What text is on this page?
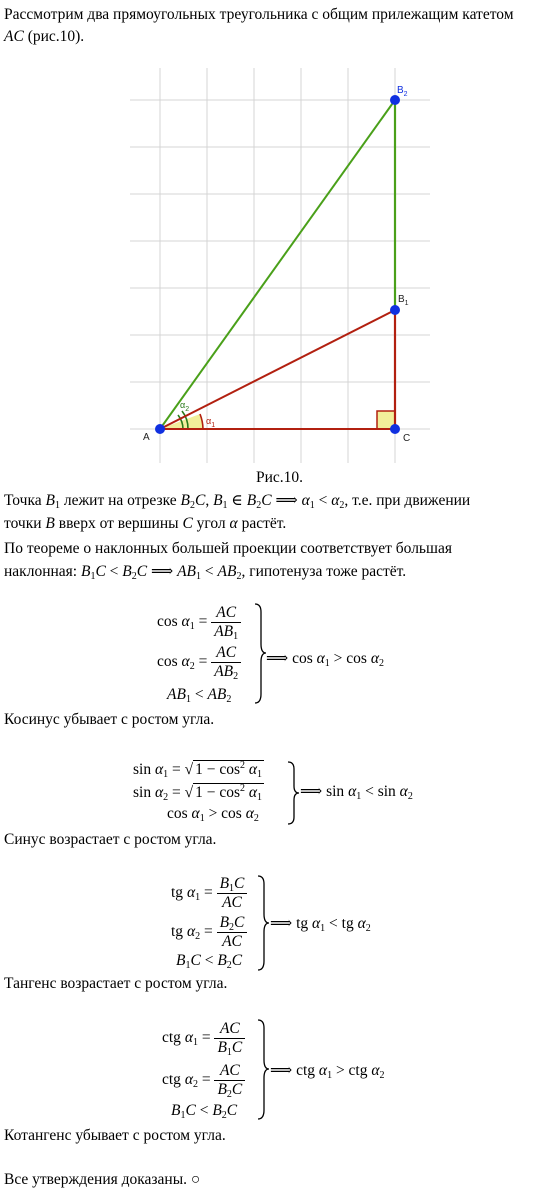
Рассмотрим два прямоугольных треугольника с общим прилежащим катетом
AC (рис.10).
A	C
$B_1$
$B_2$
$\alpha_1$
$\alpha_2$
Рис.10.
Точка $B_1$ лежит на отрезке $B_2C$, $B_1$ ∈ $B_2C$ ⟹ $\alpha_1 < \alpha_2$, т.е. при движении
точки B вверх от вершины C угол α растёт.
По теореме о наклонных большей проекции соответствует большая
наклонная: $B_1C < B_2C$ ⟹ $AB_1 < AB_2$, гипотенуза тоже растёт.
$\cos \alpha_1 = \frac{AC}{AB_1}$
$\cos \alpha_2 = \frac{AC}{AB_2}$
$AB_1 < AB_2$
⟹ $\cos \alpha_1 > \cos \alpha_2$
Косинус убывает с ростом угла.
$\sin \alpha_1$ = √ $1 - \cos^2 \alpha_1$
$\sin \alpha_2$ = √ $1 - \cos^2 \alpha_1$
$\cos \alpha_1 > \cos \alpha_2$
⟹ $\sin \alpha_1 < \sin \alpha_2$
Синус возрастает с ростом угла.
tg $\alpha_1 = \frac{B_1C}{AC}$
tg $\alpha_2 = \frac{B_2C}{AC}$
$B_1C < B_2C$
⟹ tg $\alpha_1$ < tg $\alpha_2$
Тангенс возрастает с ростом угла.
ctg $\alpha_1 = \frac{AC}{B_1C}$
ctg $\alpha_2 = \frac{AC}{B_2C}$
$B_1C < B_2C$
⟹ ctg $\alpha_1$ > ctg $\alpha_2$
Котангенс убывает с ростом угла.
Все утверждения доказаны. ○
